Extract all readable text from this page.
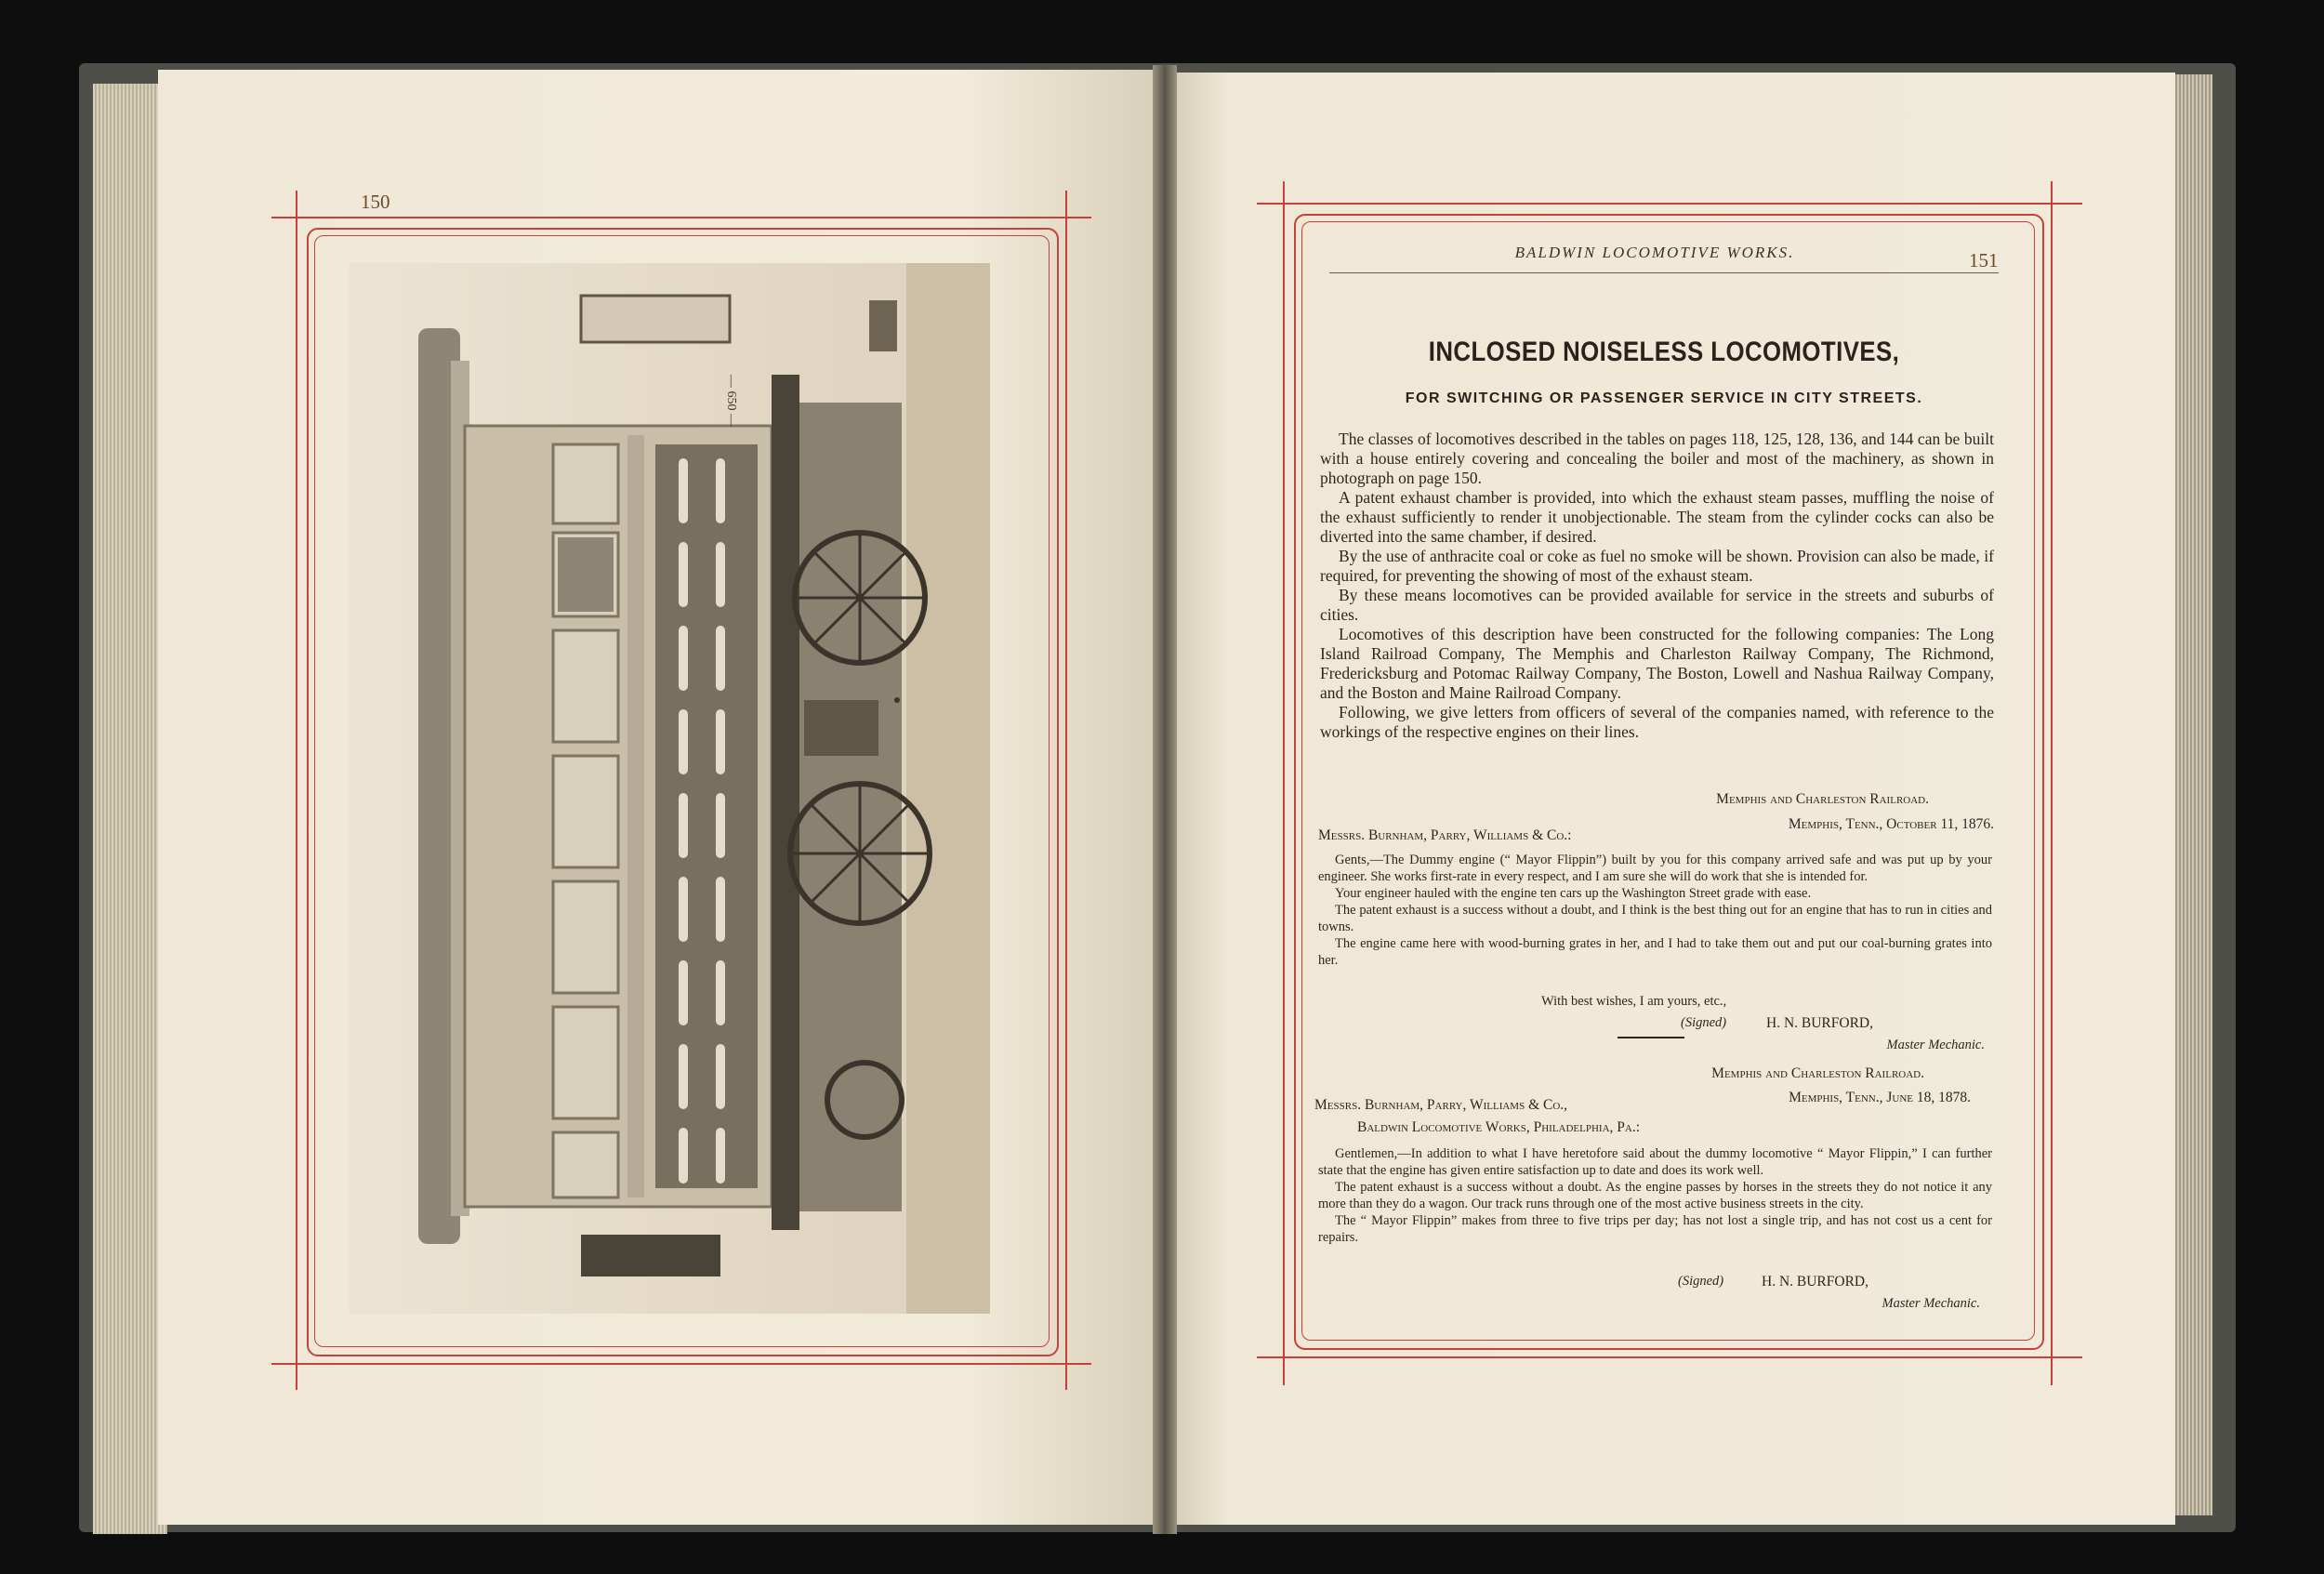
150
— 650 —
BALDWIN LOCOMOTIVE WORKS.	151
INCLOSED NOISELESS LOCOMOTIVES,
FOR SWITCHING OR PASSENGER SERVICE IN CITY STREETS.

The classes of locomotives described in the tables on pages 118, 125, 128, 136, and 144 can be built with a house entirely covering and concealing the boiler and most of the machinery, as shown in photograph on page 150.

A patent exhaust chamber is provided, into which the exhaust steam passes, muffling the noise of the exhaust sufficiently to render it unobjectionable. The steam from the cylinder cocks can also be diverted into the same chamber, if desired.

By the use of anthracite coal or coke as fuel no smoke will be shown. Provision can also be made, if required, for preventing the showing of most of the exhaust steam.

By these means locomotives can be provided available for service in the streets and suburbs of cities.

Locomotives of this description have been constructed for the following companies: The Long Island Railroad Company, The Memphis and Charleston Railway Company, The Richmond, Fredericksburg and Potomac Railway Company, The Boston, Lowell and Nashua Railway Company, and the Boston and Maine Railroad Company.

Following, we give letters from officers of several of the companies named, with reference to the workings of the respective engines on their lines.

Memphis and Charleston Railroad.
Memphis, Tenn., October 11, 1876.
Messrs. Burnham, Parry, Williams & Co.:

Gents,—The Dummy engine (“ Mayor Flippin”) built by you for this company arrived safe and was put up by your engineer. She works first-rate in every respect, and I am sure she will do work that she is intended for.

Your engineer hauled with the engine ten cars up the Washington Street grade with ease.

The patent exhaust is a success without a doubt, and I think is the best thing out for an engine that has to run in cities and towns.

The engine came here with wood-burning grates in her, and I had to take them out and put our coal-burning grates into her.

With best wishes, I am yours, etc.,
(Signed)	H. N. BURFORD,
Master Mechanic.
Memphis and Charleston Railroad.
Memphis, Tenn., June 18, 1878.
Messrs. Burnham, Parry, Williams & Co.,
Baldwin Locomotive Works, Philadelphia, Pa.:

Gentlemen,—In addition to what I have heretofore said about the dummy locomotive “ Mayor Flippin,” I can further state that the engine has given entire satisfaction up to date and does its work well.

The patent exhaust is a success without a doubt. As the engine passes by horses in the streets they do not notice it any more than they do a wagon. Our track runs through one of the most active business streets in the city.

The “ Mayor Flippin” makes from three to five trips per day; has not lost a single trip, and has not cost us a cent for repairs.

(Signed)	H. N. BURFORD,
Master Mechanic.
